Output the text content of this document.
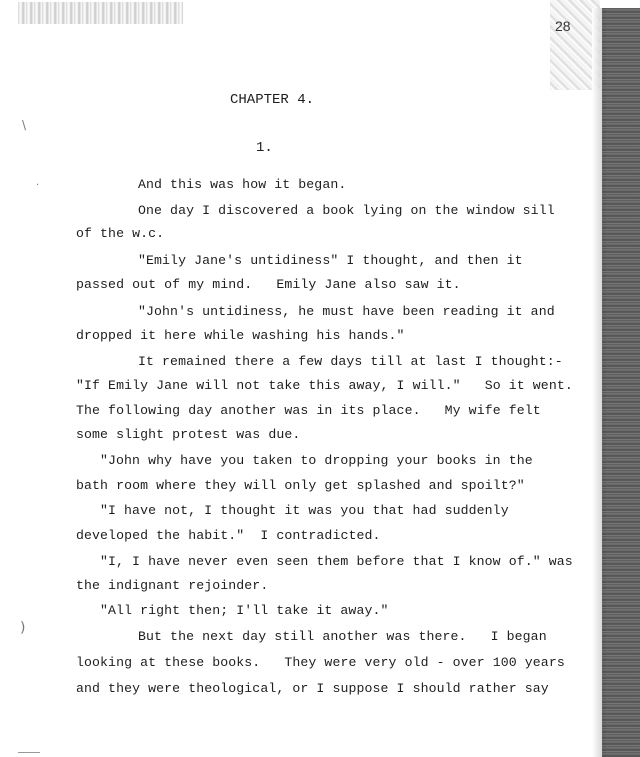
28
CHAPTER 4.
1.
And this was how it began.
One day I discovered a book lying on the window sill
of the w.c.
"Emily Jane's untidiness" I thought, and then it
passed out of my mind.   Emily Jane also saw it.
"John's untidiness, he must have been reading it and
dropped it here while washing his hands."
It remained there a few days till at last I thought:-
"If Emily Jane will not take this away, I will."   So it went.
The following day another was in its place.   My wife felt
some slight protest was due.
"John why have you taken to dropping your books in the
bath room where they will only get splashed and spoilt?"
"I have not, I thought it was you that had suddenly
developed the habit."  I contradicted.
"I, I have never even seen them before that I know of." was
the indignant rejoinder.
"All right then; I'll take it away."
But the next day still another was there.   I began
looking at these books.   They were very old - over 100 years
and they were theological, or I suppose I should rather say
\
·
)
